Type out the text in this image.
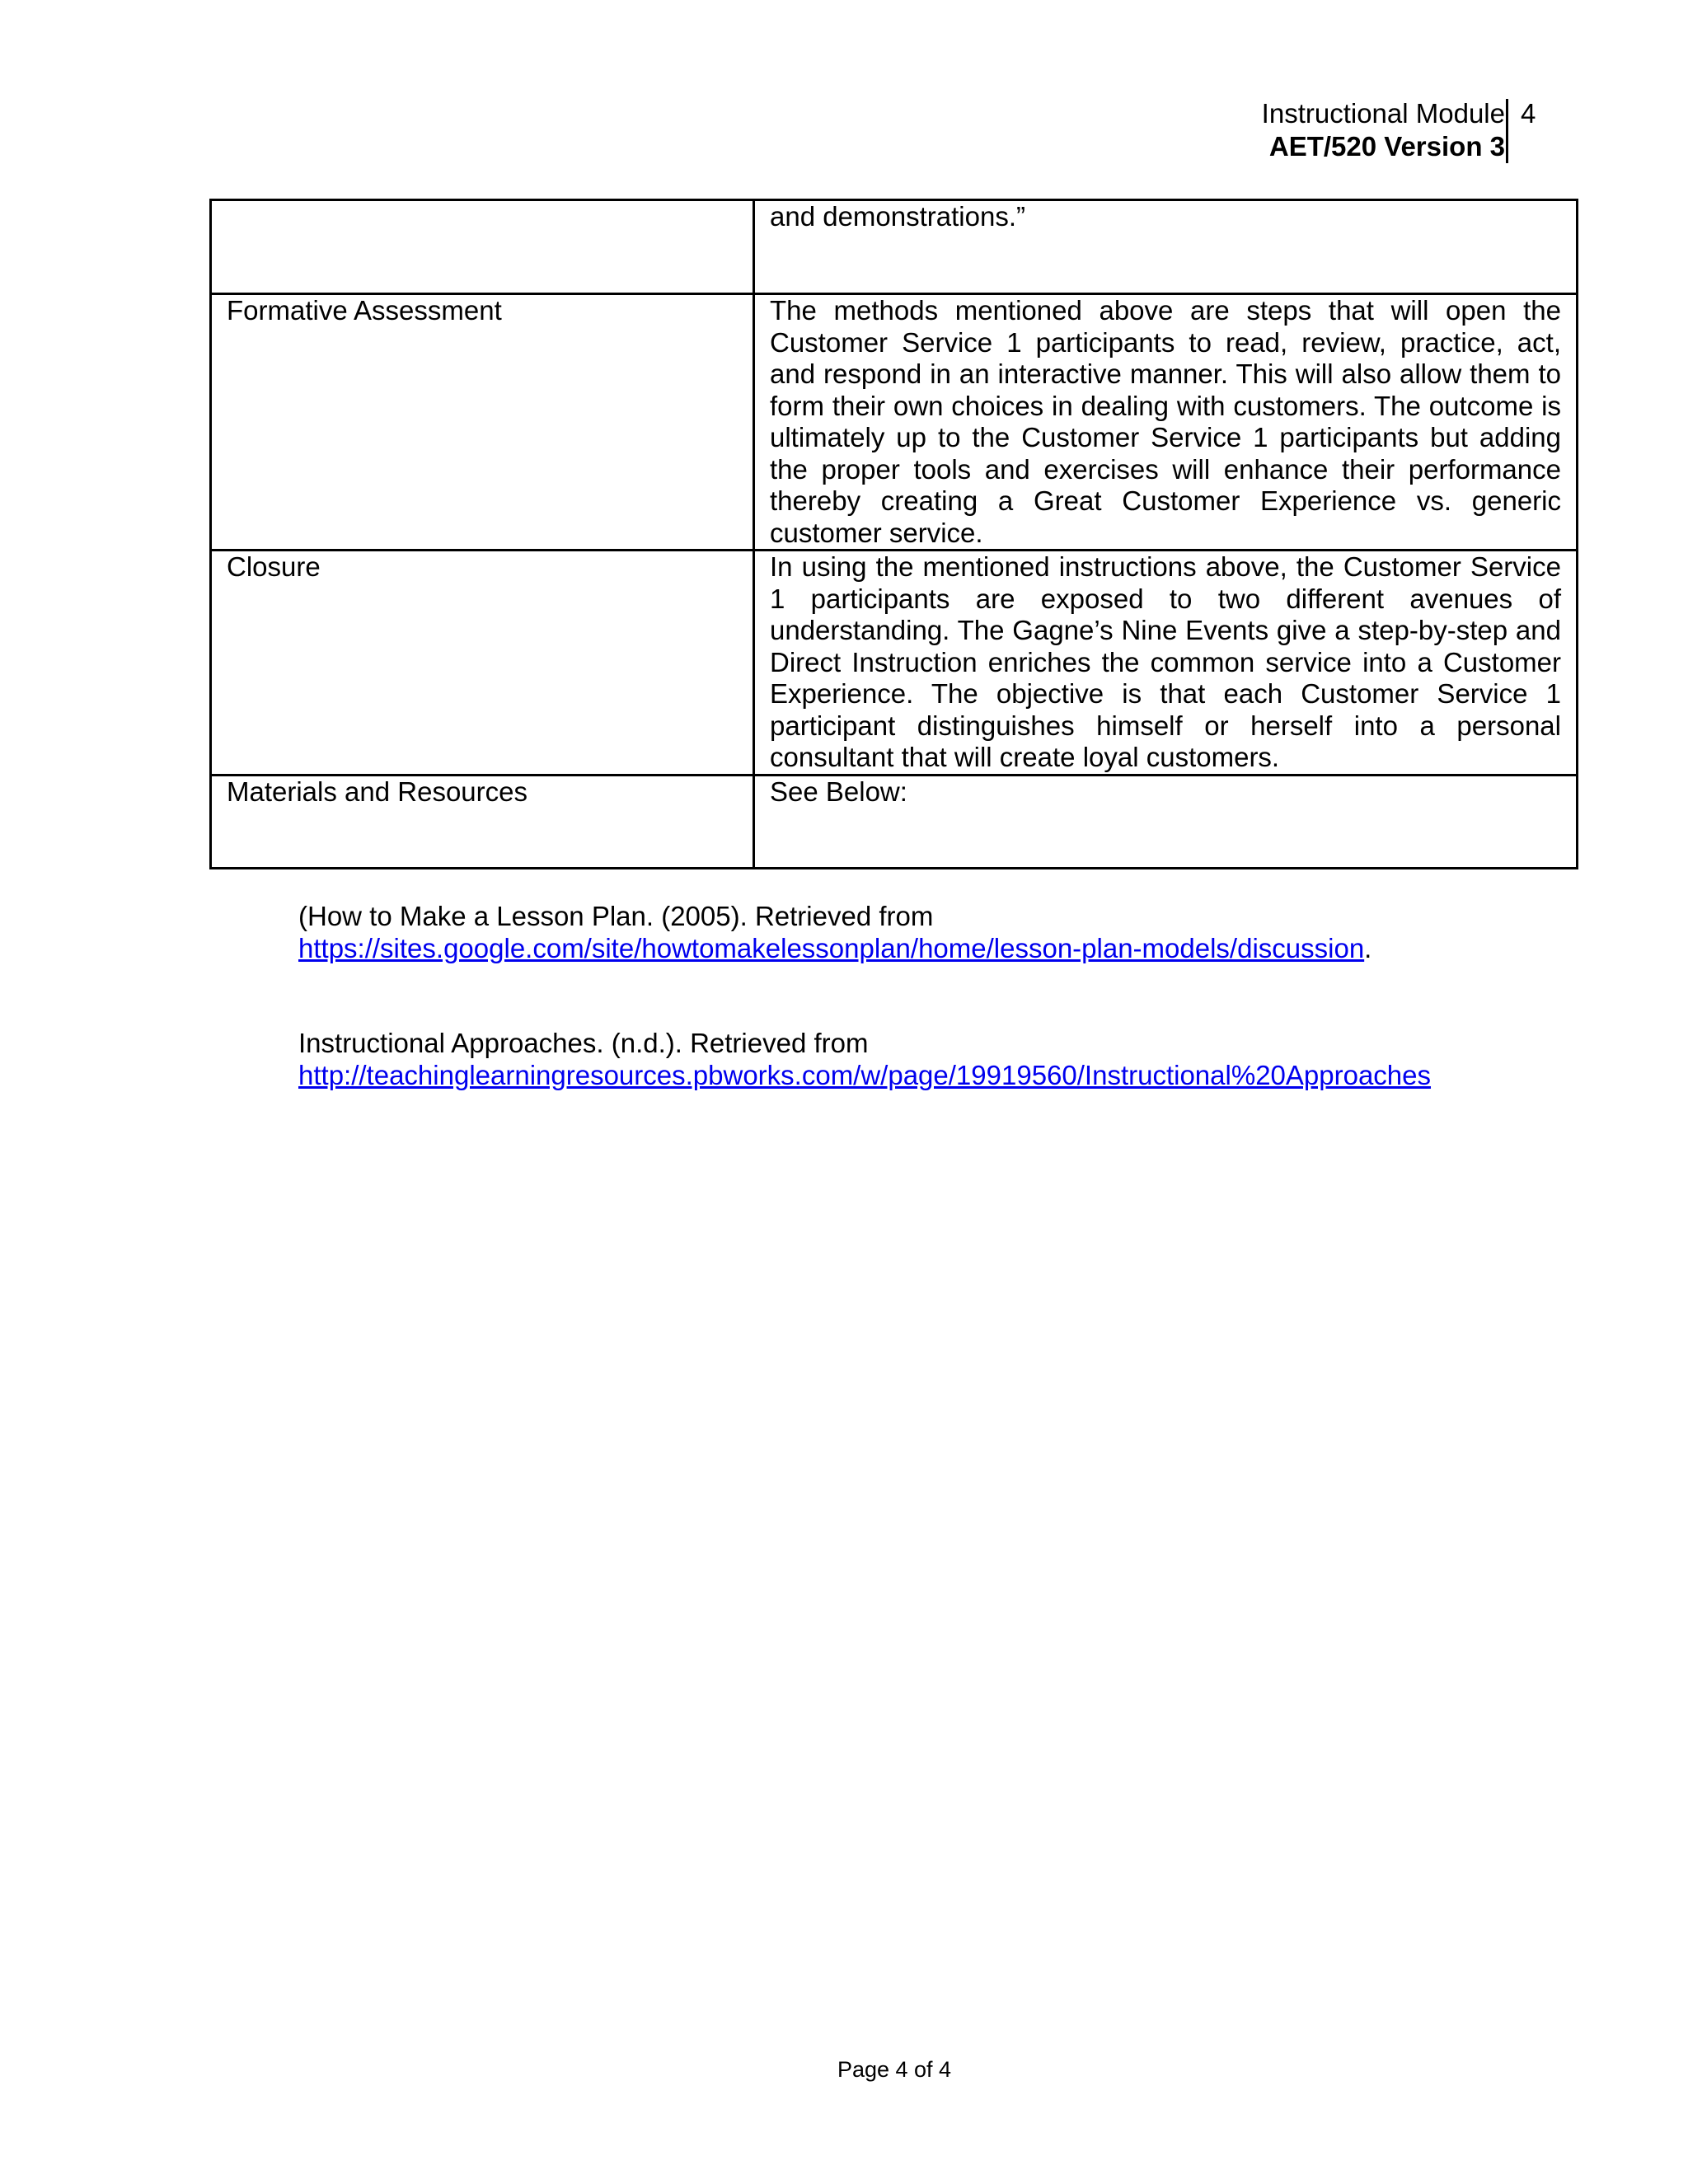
Instructional Module
AET/520 Version 3
4
	and demonstrations.”
Formative Assessment	The methods mentioned above are steps that will open the Customer Service 1 participants to read, review, practice, act, and respond in an interactive manner. This will also allow them to form their own choices in dealing with customers. The outcome is ultimately up to the Customer Service 1 participants but adding the proper tools and exercises will enhance their performance thereby creating a Great Customer Experience vs. generic customer service.
Closure	In using the mentioned instructions above, the Customer Service 1 participants are exposed to two different avenues of understanding. The Gagne’s Nine Events give a step-by-step and Direct Instruction enriches the common service into a Customer Experience. The objective is that each Customer Service 1 participant distinguishes himself or herself into a personal consultant that will create loyal customers.
Materials and Resources	See Below:
(How to Make a Lesson Plan. (2005). Retrieved from
https://sites.google.com/site/howtomakelessonplan/home/lesson-plan-models/discussion.
Instructional Approaches. (n.d.). Retrieved from
http://teachinglearningresources.pbworks.com/w/page/19919560/Instructional%20Approaches
Page 4 of 4
